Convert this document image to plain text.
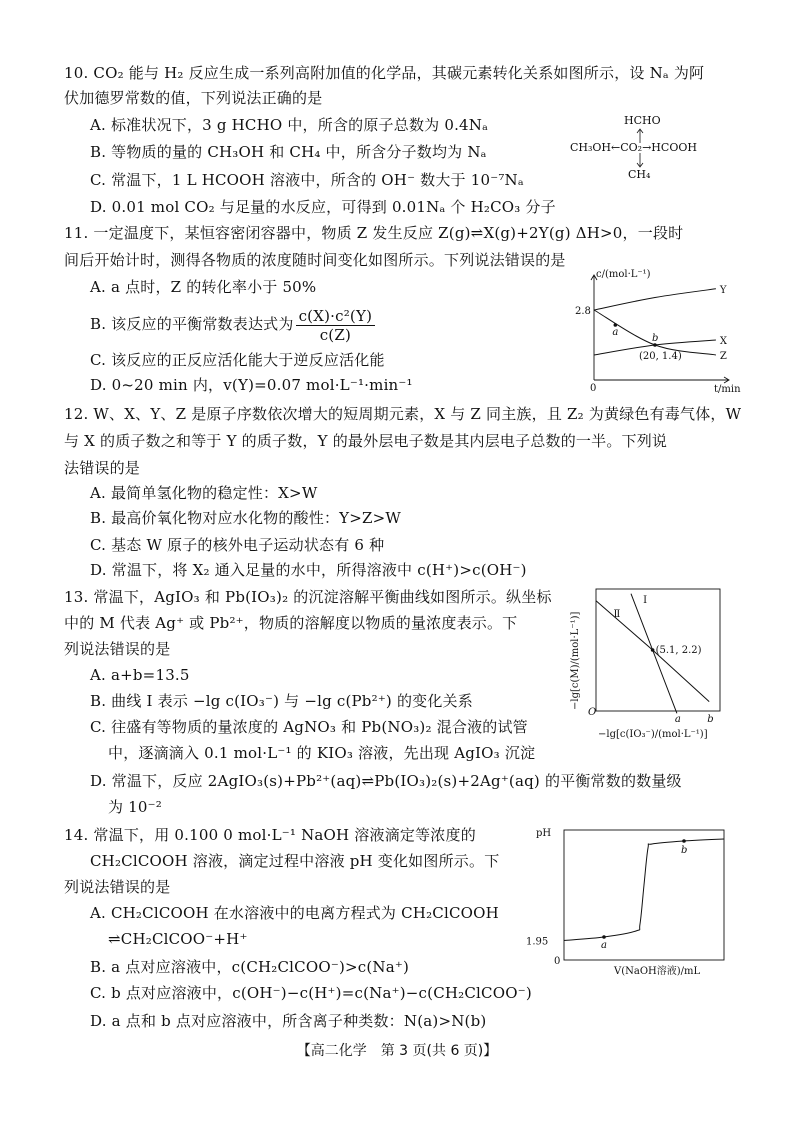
10. CO₂ 能与 H₂ 反应生成一系列高附加值的化学品，其碳元素转化关系如图所示，设 Nₐ 为阿
伏加德罗常数的值，下列说法正确的是
A. 标准状况下，3 g HCHO 中，所含的原子总数为 0.4Nₐ
B. 等物质的量的 CH₃OH 和 CH₄ 中，所含分子数均为 Nₐ
C. 常温下，1 L HCOOH 溶液中，所含的 OH⁻ 数大于 10⁻⁷Nₐ
D. 0.01 mol CO₂ 与足量的水反应，可得到 0.01Nₐ 个 H₂CO₃ 分子
HCHO
CH₃OH←CO₂→HCOOH
CH₄
11. 一定温度下，某恒容密闭容器中，物质 Z 发生反应 Z(g)⇌X(g)+2Y(g) ΔH>0，一段时
间后开始计时，测得各物质的浓度随时间变化如图所示。下列说法错误的是
A. a 点时，Z 的转化率小于 50%
B. 该反应的平衡常数表达式为 $\frac{\text{c(X)·c²(Y)}}{c(Z)}$
C. 该反应的正反应活化能大于逆反应活化能
D. 0~20 min 内，v(Y)=0.07 mol·L⁻¹·min⁻¹
c/(mol·L⁻¹)
t/min
0
2.8
Y
X
Z
a
b
(20, 1.4)
12. W、X、Y、Z 是原子序数依次增大的短周期元素，X 与 Z 同主族，且 Z₂ 为黄绿色有毒气体，W
与 X 的质子数之和等于 Y 的质子数，Y 的最外层电子数是其内层电子总数的一半。下列说
法错误的是
A. 最简单氢化物的稳定性：X>W
B. 最高价氧化物对应水化物的酸性：Y>Z>W
C. 基态 W 原子的核外电子运动状态有 6 种
D. 常温下，将 X₂ 通入足量的水中，所得溶液中 c(H⁺)>c(OH⁻)
13. 常温下，AgIO₃ 和 Pb(IO₃)₂ 的沉淀溶解平衡曲线如图所示。纵坐标
中的 M 代表 Ag⁺ 或 Pb²⁺，物质的溶解度以物质的量浓度表示。下
列说法错误的是
A. a+b=13.5
B. 曲线 Ⅰ 表示 −lg c(IO₃⁻) 与 −lg c(Pb²⁺) 的变化关系
C. 往盛有等物质的量浓度的 AgNO₃ 和 Pb(NO₃)₂ 混合液的试管
中，逐滴滴入 0.1 mol·L⁻¹ 的 KIO₃ 溶液，先出现 AgIO₃ 沉淀
D. 常温下，反应 2AgIO₃(s)+Pb²⁺(aq)⇌Pb(IO₃)₂(s)+2Ag⁺(aq) 的平衡常数的数量级
为 10⁻²
O
−lg[c(M)/(mol·L⁻¹)]
−lg[c(IO₃⁻)/(mol·L⁻¹)]
Ⅰ
Ⅱ
(5.1, 2.2)
a	b
14. 常温下，用 0.100 0 mol·L⁻¹ NaOH 溶液滴定等浓度的
CH₂ClCOOH 溶液，滴定过程中溶液 pH 变化如图所示。下
列说法错误的是
A. CH₂ClCOOH 在水溶液中的电离方程式为 CH₂ClCOOH
⇌CH₂ClCOO⁻+H⁺
B. a 点对应溶液中，c(CH₂ClCOO⁻)>c(Na⁺)
C. b 点对应溶液中，c(OH⁻)−c(H⁺)=c(Na⁺)−c(CH₂ClCOO⁻)
D. a 点和 b 点对应溶液中，所含离子种类数：N(a)>N(b)
pH
0
1.95
V(NaOH溶液)/mL
a
b
【高二化学　第 3 页(共 6 页)】
